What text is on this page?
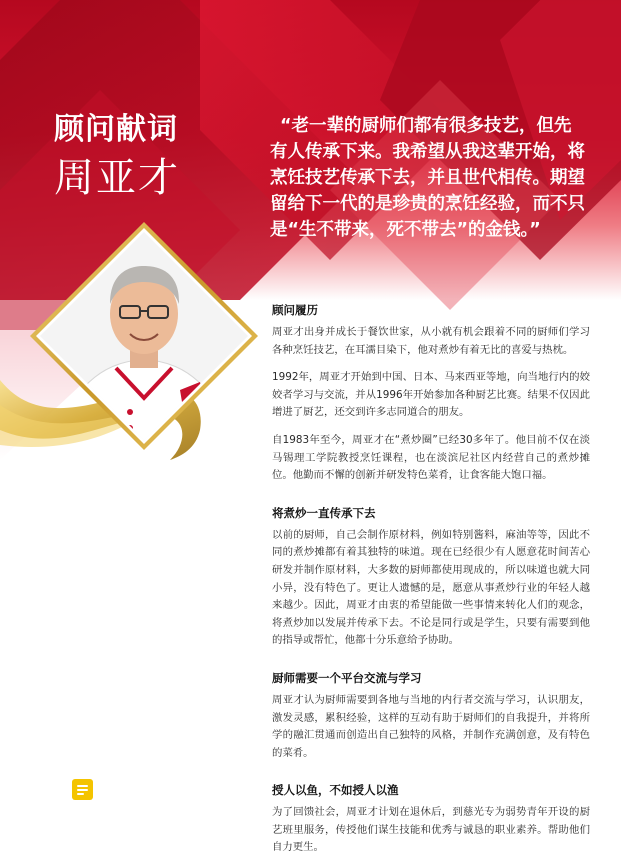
顾问献词
周亚才
“老一辈的厨师们都有很多技艺，但先有人传承下来。我希望从我这辈开始，将烹饪技艺传承下去，并且世代相传。期望留给下一代的是珍贵的烹饪经验，而不只是“生不带来，死不带去”的金钱。”
顾问履历

周亚才出身并成长于餐饮世家，从小就有机会跟着不同的厨师们学习各种烹饪技艺，在耳濡目染下，他对煮炒有着无比的喜爱与热枕。

1992年，周亚才开始到中国、日本、马来西亚等地，向当地行内的姣姣者学习与交流，并从1996年开始参加各种厨艺比赛。结果不仅因此增进了厨艺，还交到许多志同道合的朋友。

自1983年至今，周亚才在“煮炒圈”已经30多年了。他目前不仅在淡马锡理工学院教授烹饪课程，也在淡滨尼社区内经营自己的煮炒摊位。他勤而不懈的创新并研发特色菜肴，让食客能大饱口福。

将煮炒一直传承下去

以前的厨师，自己会制作原材料，例如特别酱料，麻油等等，因此不同的煮炒摊都有着其独特的味道。现在已经很少有人愿意花时间苦心研发并制作原材料，大多数的厨师都使用现成的，所以味道也就大同小异，没有特色了。更让人遗憾的是，愿意从事煮炒行业的年轻人越来越少。因此，周亚才由衷的希望能做一些事情来转化人们的观念，将煮炒加以发展并传承下去。不论是同行或是学生，只要有需要到他的指导或帮忙，他都十分乐意给予协助。

厨师需要一个平台交流与学习

周亚才认为厨师需要到各地与当地的内行者交流与学习，认识朋友，激发灵感，累积经验，这样的互动有助于厨师们的自我提升，并将所学的融汇贯通而创造出自己独特的风格，并制作充满创意，及有特色的菜肴。

授人以鱼，不如授人以渔

为了回馈社会，周亚才计划在退休后，到慈光专为弱势青年开设的厨艺班里服务，传授他们谋生技能和优秀与诚恳的职业素养。帮助他们自力更生。
